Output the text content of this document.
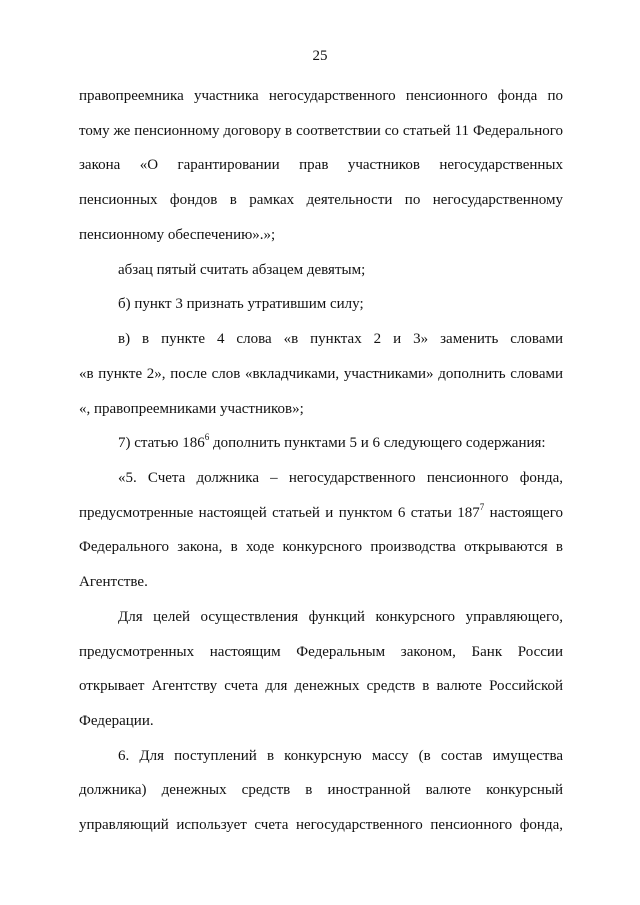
25
правопреемника участника негосударственного пенсионного фонда по
тому же пенсионному договору в соответствии со статьей 11 Федерального
закона «О гарантировании прав участников негосударственных
пенсионных фондов в рамках деятельности по негосударственному
пенсионному обеспечению».»;
абзац пятый считать абзацем девятым;
б) пункт 3 признать утратившим силу;
в) в пункте 4 слова «в пунктах 2 и 3» заменить словами
«в пункте 2», после слов «вкладчиками, участниками» дополнить словами
«, правопреемниками участников»;
7) статью $186^6$ дополнить пунктами 5 и 6 следующего содержания:
«5. Счета должника – негосударственного пенсионного фонда,
предусмотренные настоящей статьей и пунктом 6 статьи $187^7$ настоящего
Федерального закона, в ходе конкурсного производства открываются в
Агентстве.
Для целей осуществления функций конкурсного управляющего,
предусмотренных настоящим Федеральным законом, Банк России
открывает Агентству счета для денежных средств в валюте Российской
Федерации.
6. Для поступлений в конкурсную массу (в состав имущества
должника) денежных средств в иностранной валюте конкурсный
управляющий использует счета негосударственного пенсионного фонда,
